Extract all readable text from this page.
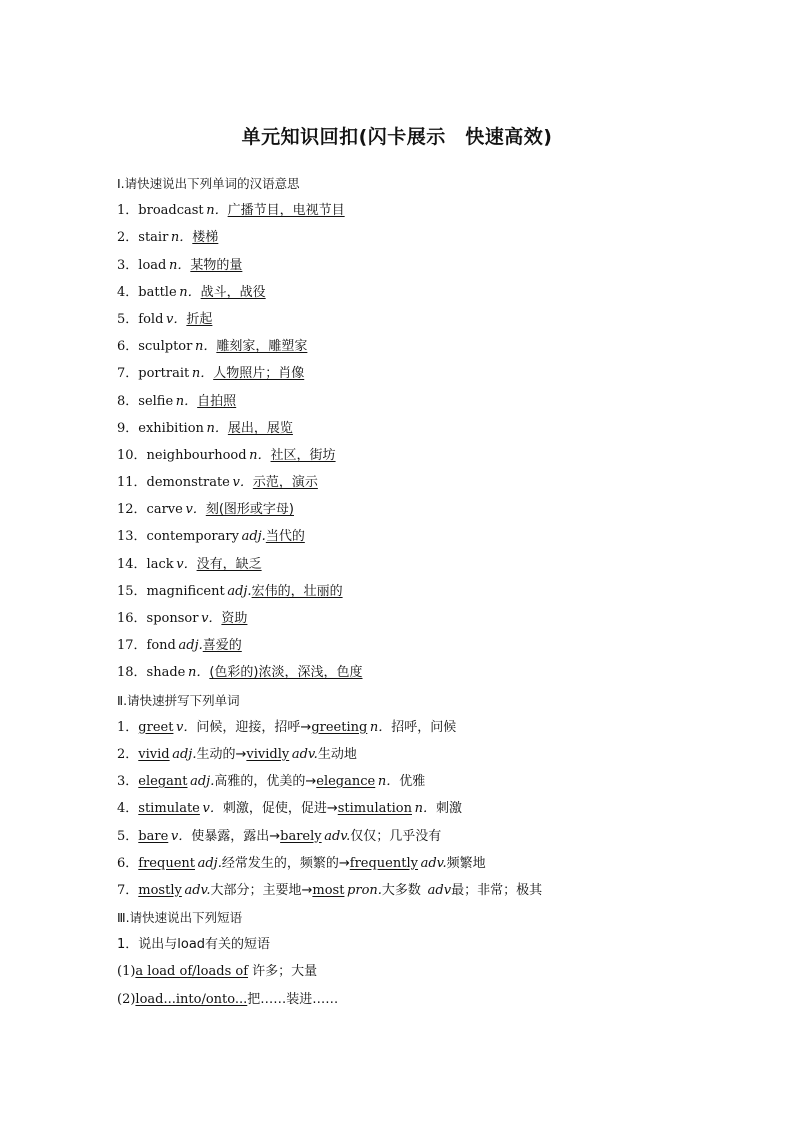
单元知识回扣(闪卡展示　快速高效)
Ⅰ.请快速说出下列单词的汉语意思
1．broadcast  n．广播节目，电视节目
2．stair  n．楼梯
3．load  n．某物的量
4．battle  n．战斗，战役
5．fold  v．折起
6．sculptor  n．雕刻家，雕塑家
7．portrait  n．人物照片；肖像
8．selfie  n．自拍照
9．exhibition  n．展出，展览
10．neighbourhood  n．社区，街坊
11．demonstrate  v．示范，演示
12．carve  v．刻(图形或字母)
13．contemporary  adj.当代的
14．lack  v．没有，缺乏
15．magnificent  adj.宏伟的，壮丽的
16．sponsor  v．资助
17．fond  adj.喜爱的
18．shade  n．(色彩的)浓淡，深浅，色度
Ⅱ.请快速拼写下列单词
1．greet  v．问候，迎接，招呼→greeting  n．招呼，问候
2．vivid  adj.生动的→vividly  adv.生动地
3．elegant  adj.高雅的，优美的→elegance  n．优雅
4．stimulate  v．刺激，促使，促进→stimulation  n．刺激
5．bare  v．使暴露，露出→barely  adv.仅仅；几乎没有
6．frequent  adj.经常发生的，频繁的→frequently  adv.频繁地
7．mostly  adv.大部分；主要地→most  pron.大多数  adv最；非常；极其
Ⅲ.请快速说出下列短语
1．说出与load有关的短语
(1)a load of/loads of 许多；大量
(2)load...into/onto...把……装进……
